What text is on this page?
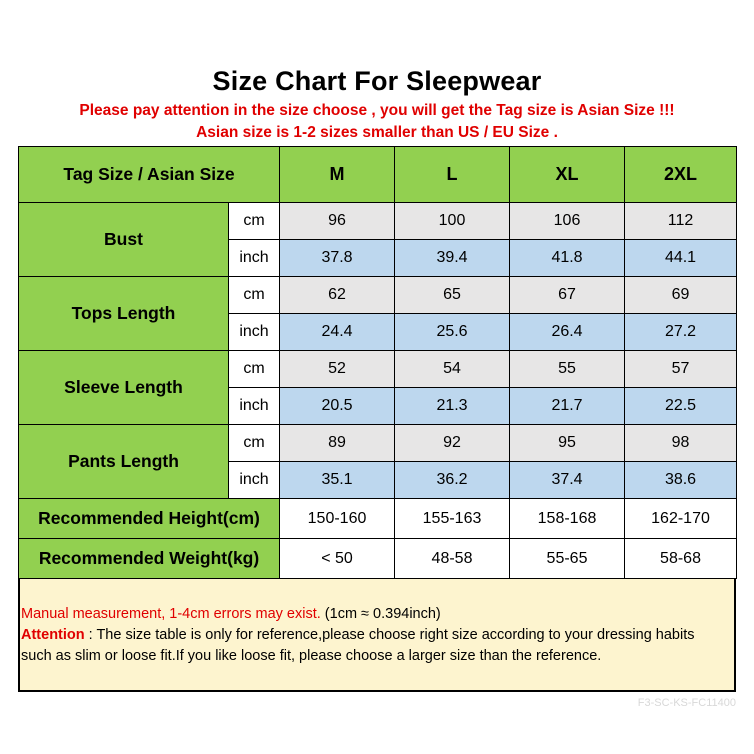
Size Chart For Sleepwear
Please pay attention in the size choose , you will get the Tag size is Asian Size !!!
Asian size is 1-2 sizes smaller than US / EU Size .
Tag Size / Asian Size		M	L	XL	2XL
Bust	cm	96	100	106	112
	inch	37.8	39.4	41.8	44.1
Tops Length	cm	62	65	67	69
	inch	24.4	25.6	26.4	27.2
Sleeve Length	cm	52	54	55	57
	inch	20.5	21.3	21.7	22.5
Pants Length	cm	89	92	95	98
	inch	35.1	36.2	37.4	38.6
Recommended Height(cm)		150-160	155-163	158-168	162-170
Recommended Weight(kg)		< 50	48-58	55-65	58-68
Manual measurement, 1-4cm errors may exist. (1cm ≈ 0.394inch)
Attention : The size table is only for reference,please choose right size according to your dressing habits such as slim or loose fit.If you like loose fit, please choose a larger size than the reference.
F3-SC-KS-FC11400
